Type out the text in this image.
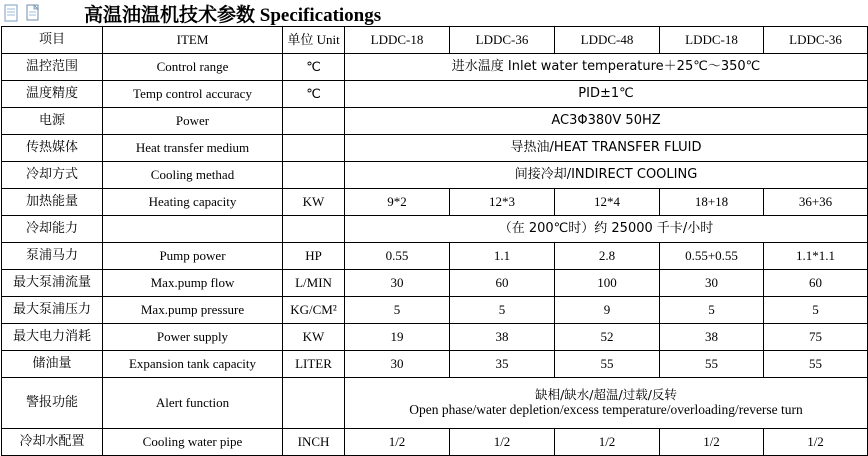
高温油温机技术参数 Specificationgs
项目	ITEM	单位 Unit	LDDC-18	LDDC-36	LDDC-48	LDDC-18	LDDC-36
温控范围	Control range	℃	进水温度 Inlet water temperature＋25℃～350℃				
温度精度	Temp control accuracy	℃	PID±1℃				
电源	Power		AC3Φ380V 50HZ				
传热媒体	Heat transfer medium		导热油/HEAT TRANSFER FLUID				
冷却方式	Cooling methad		间接冷却/INDIRECT COOLING				
加热能量	Heating capacity	KW	9*2	12*3	12*4	18+18	36+36
冷却能力			（在 200℃时）约 25000 千卡/小时				
泵浦马力	Pump power	HP	0.55	1.1	2.8	0.55+0.55	1.1*1.1
最大泵浦流量	Max.pump flow	L/MIN	30	60	100	30	60
最大泵浦压力	Max.pump pressure	KG/CM²	5	5	9	5	5
最大电力消耗	Power supply	KW	19	38	52	38	75
储油量	Expansion tank capacity	LITER	30	35	55	55	55
警报功能	Alert function		缺相/缺水/超温/过载/反转
Open phase/water depletion/excess temperature/overloading/reverse turn				

冷却水配置	Cooling water pipe	INCH	1/2	1/2	1/2	1/2	1/2
